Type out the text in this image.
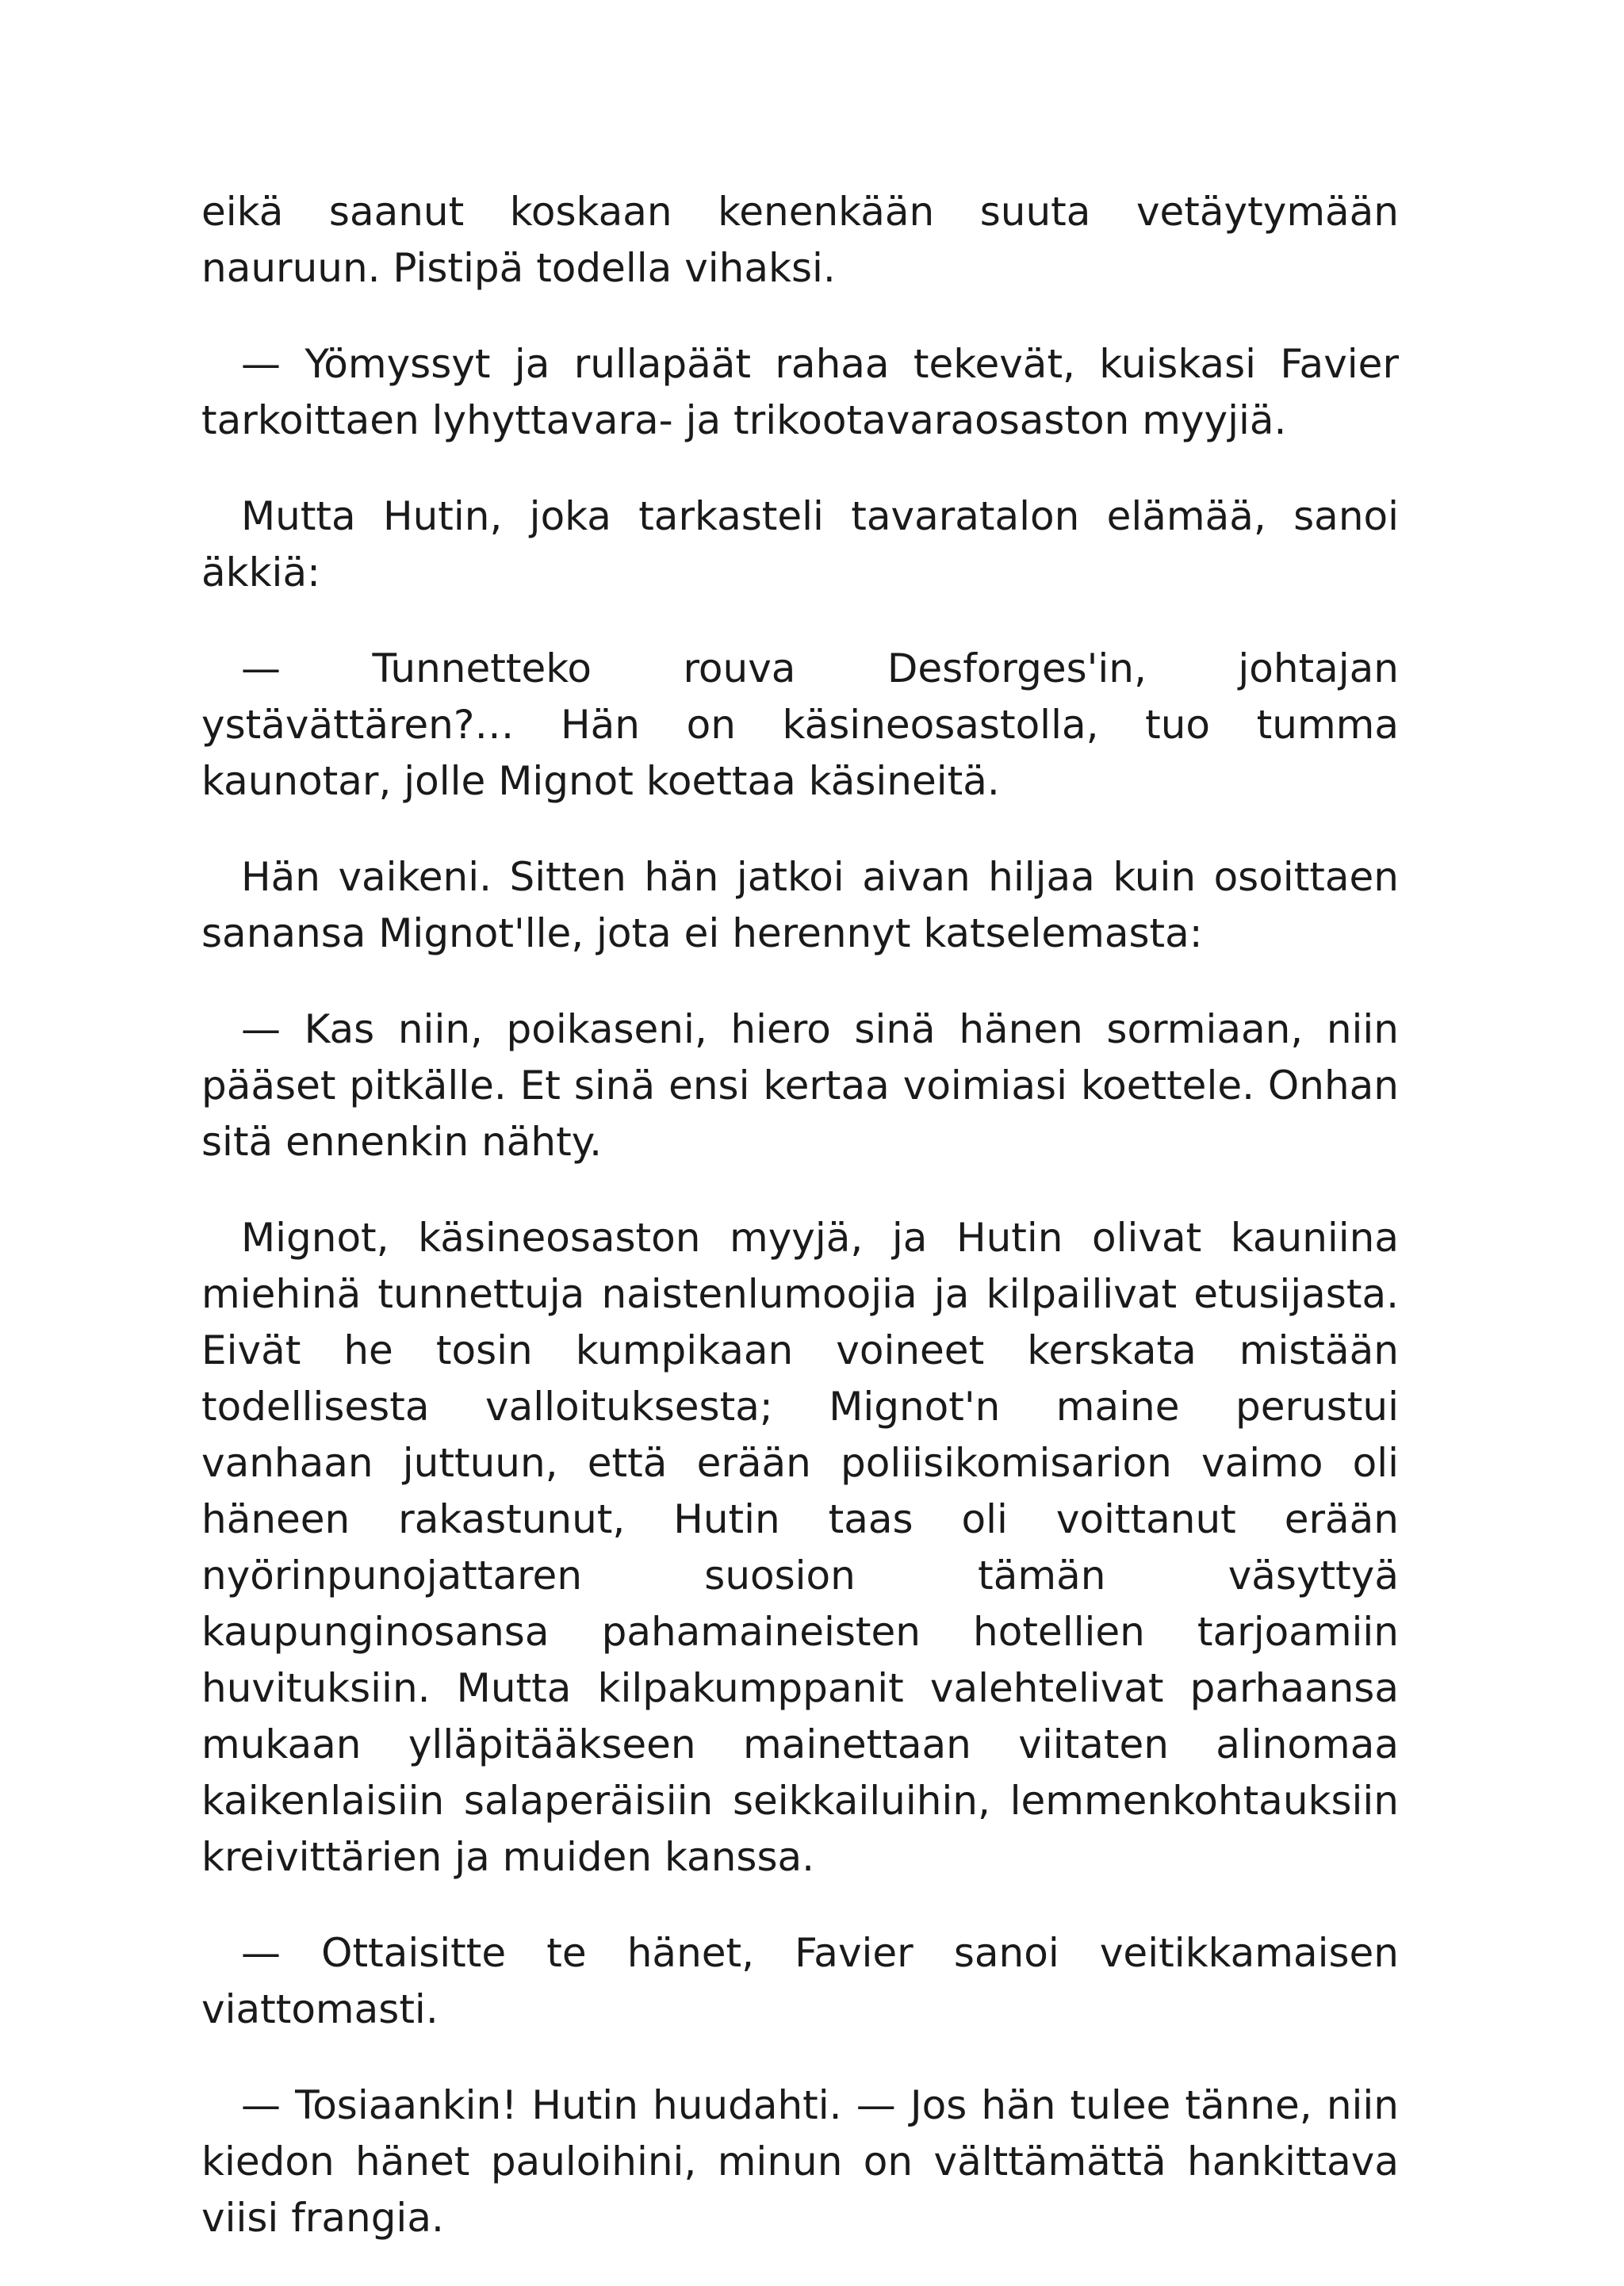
eikä saanut koskaan kenenkään suuta vetäytymään nauruun. Pistipä todella vihaksi.

— Yömyssyt ja rullapäät rahaa tekevät, kuiskasi Favier tarkoittaen lyhyttavara- ja trikootavaraosaston myyjiä.

Mutta Hutin, joka tarkasteli tavaratalon elämää, sanoi äkkiä:

— Tunnetteko rouva Desforges'in, johtajan ystävättären?… Hän on käsineosastolla, tuo tumma kaunotar, jolle Mignot koettaa käsineitä.

Hän vaikeni. Sitten hän jatkoi aivan hiljaa kuin osoittaen sanansa Mignot'lle, jota ei herennyt katselemasta:

— Kas niin, poikaseni, hiero sinä hänen sormiaan, niin pääset pitkälle. Et sinä ensi kertaa voimiasi koettele. Onhan sitä ennenkin nähty.

Mignot, käsineosaston myyjä, ja Hutin olivat kauniina miehinä tunnettuja naistenlumoojia ja kilpailivat etusijasta. Eivät he tosin kumpikaan voineet kerskata mistään todellisesta valloituksesta; Mignot'n maine perustui vanhaan juttuun, että erään poliisikomisarion vaimo oli häneen rakastunut, Hutin taas oli voittanut erään nyörinpunojattaren suosion tämän väsyttyä kaupunginosansa pahamaineisten hotellien tarjoamiin huvituksiin. Mutta kilpakumppanit valehtelivat parhaansa mukaan ylläpitääkseen mainettaan viitaten alinomaa kaikenlaisiin salaperäisiin seikkailuihin, lemmenkohtauksiin kreivittärien ja muiden kanssa.

— Ottaisitte te hänet, Favier sanoi veitikkamaisen viattomasti.

— Tosiaankin! Hutin huudahti. — Jos hän tulee tänne, niin kiedon hänet pauloihini, minun on välttämättä hankittava viisi frangia.
